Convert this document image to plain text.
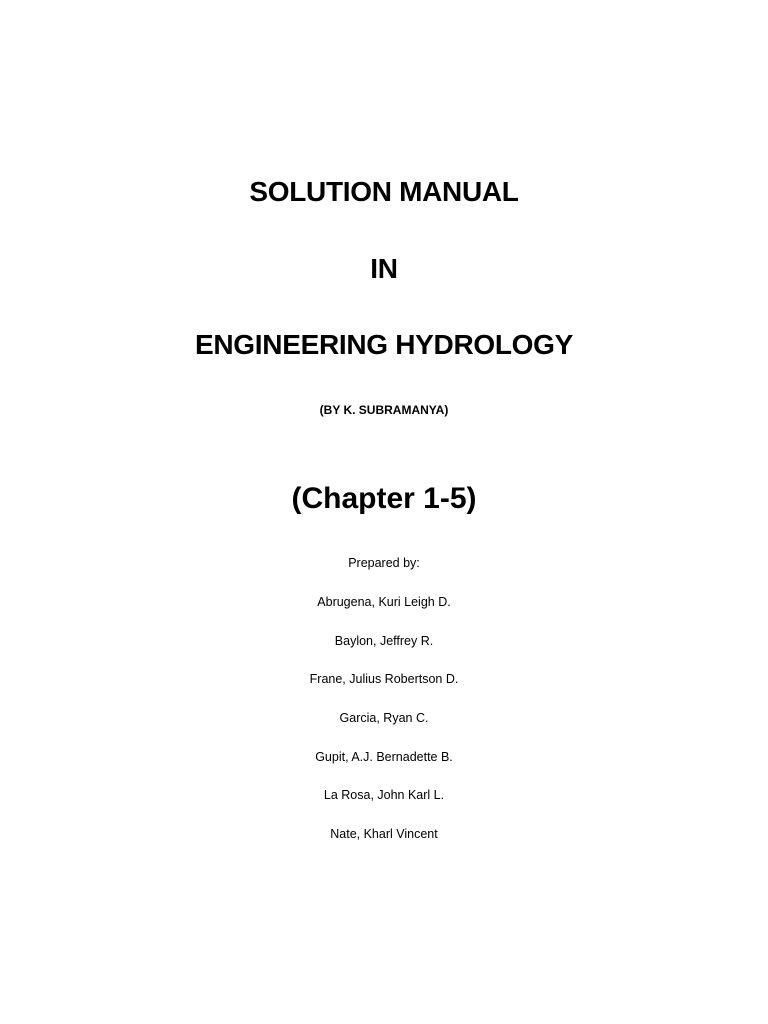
SOLUTION MANUAL
IN
ENGINEERING HYDROLOGY

(BY K. SUBRAMANYA)

(Chapter 1-5)

Prepared by:

Abrugena, Kuri Leigh D.

Baylon, Jeffrey R.

Frane, Julius Robertson D.

Garcia, Ryan C.

Gupit, A.J. Bernadette B.

La Rosa, John Karl L.

Nate, Kharl Vincent
